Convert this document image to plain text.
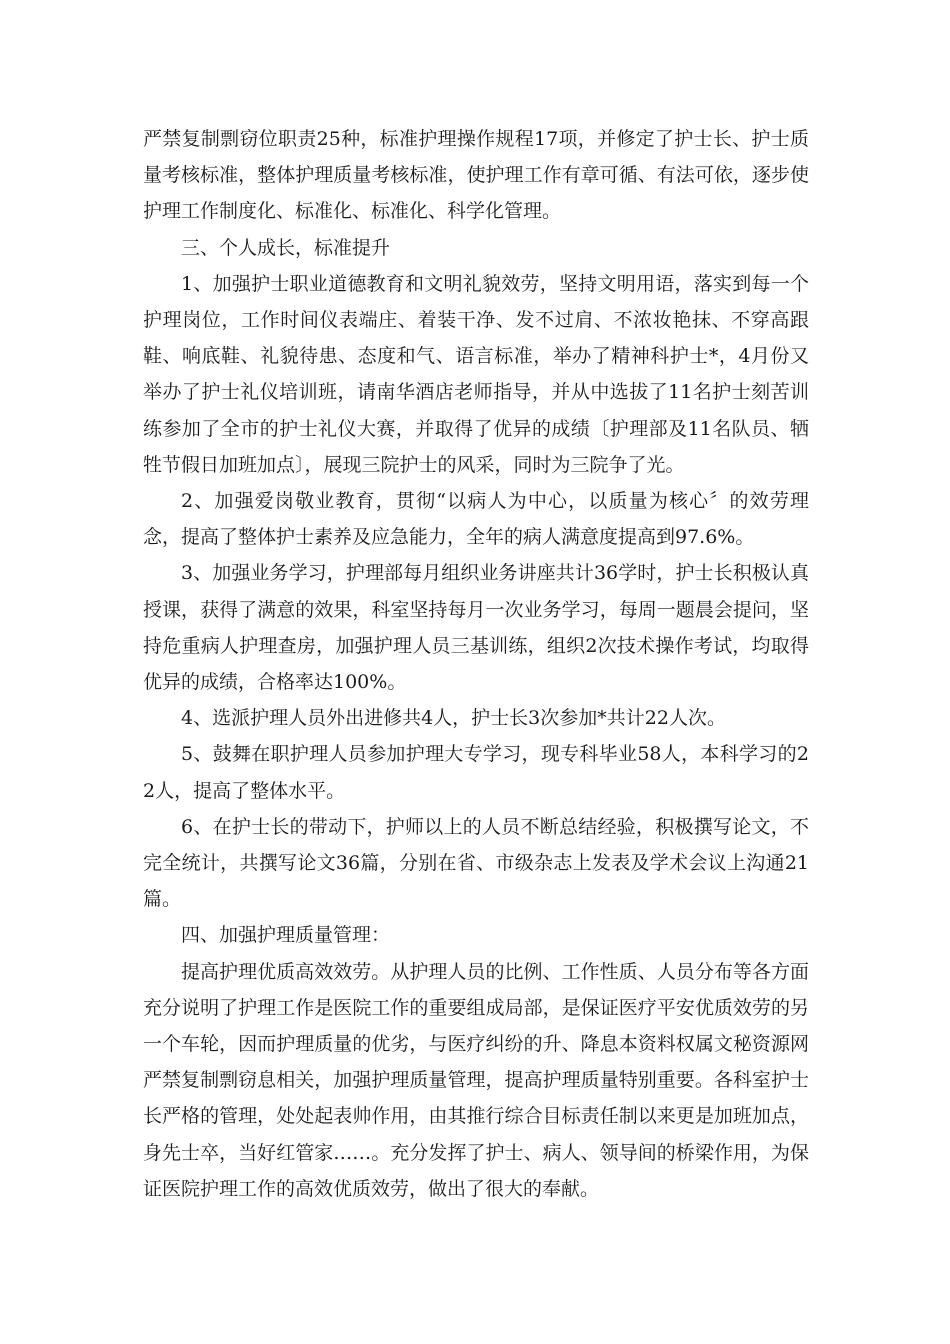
严禁复制剽窃位职责25种，标准护理操作规程17项，并修定了护士长、护士质量考核标准，整体护理质量考核标准，使护理工作有章可循、有法可依，逐步使护理工作制度化、标准化、标准化、科学化管理。

三、个人成长，标准提升

1、加强护士职业道德教育和文明礼貌效劳，坚持文明用语，落实到每一个护理岗位，工作时间仪表端庄、着装干净、发不过肩、不浓妆艳抹、不穿高跟鞋、响底鞋、礼貌待患、态度和气、语言标准，举办了精神科护士*，4月份又举办了护士礼仪培训班，请南华酒店老师指导，并从中选拔了11名护士刻苦训练参加了全市的护士礼仪大赛，并取得了优异的成绩〔护理部及11名队员、牺牲节假日加班加点〕，展现三院护士的风采，同时为三院争了光。

2、加强爱岗敬业教育，贯彻“以病人为中心，以质量为核心〞的效劳理念，提高了整体护士素养及应急能力，全年的病人满意度提高到97.6%。

3、加强业务学习，护理部每月组织业务讲座共计36学时，护士长积极认真授课，获得了满意的效果，科室坚持每月一次业务学习，每周一题晨会提问，坚持危重病人护理查房，加强护理人员三基训练，组织2次技术操作考试，均取得优异的成绩，合格率达100%。

4、选派护理人员外出进修共4人，护士长3次参加*共计22人次。

5、鼓舞在职护理人员参加护理大专学习，现专科毕业58人，本科学习的22人，提高了整体水平。

6、在护士长的带动下，护师以上的人员不断总结经验，积极撰写论文，不完全统计，共撰写论文36篇，分别在省、市级杂志上发表及学术会议上沟通21篇。

四、加强护理质量管理：

提高护理优质高效效劳。从护理人员的比例、工作性质、人员分布等各方面充分说明了护理工作是医院工作的重要组成局部，是保证医疗平安优质效劳的另一个车轮，因而护理质量的优劣，与医疗纠纷的升、降息本资料权属文秘资源网严禁复制剽窃息相关，加强护理质量管理，提高护理质量特别重要。各科室护士长严格的管理，处处起表帅作用，由其推行综合目标责任制以来更是加班加点，身先士卒，当好红管家……。充分发挥了护士、病人、领导间的桥梁作用，为保证医院护理工作的高效优质效劳，做出了很大的奉献。
